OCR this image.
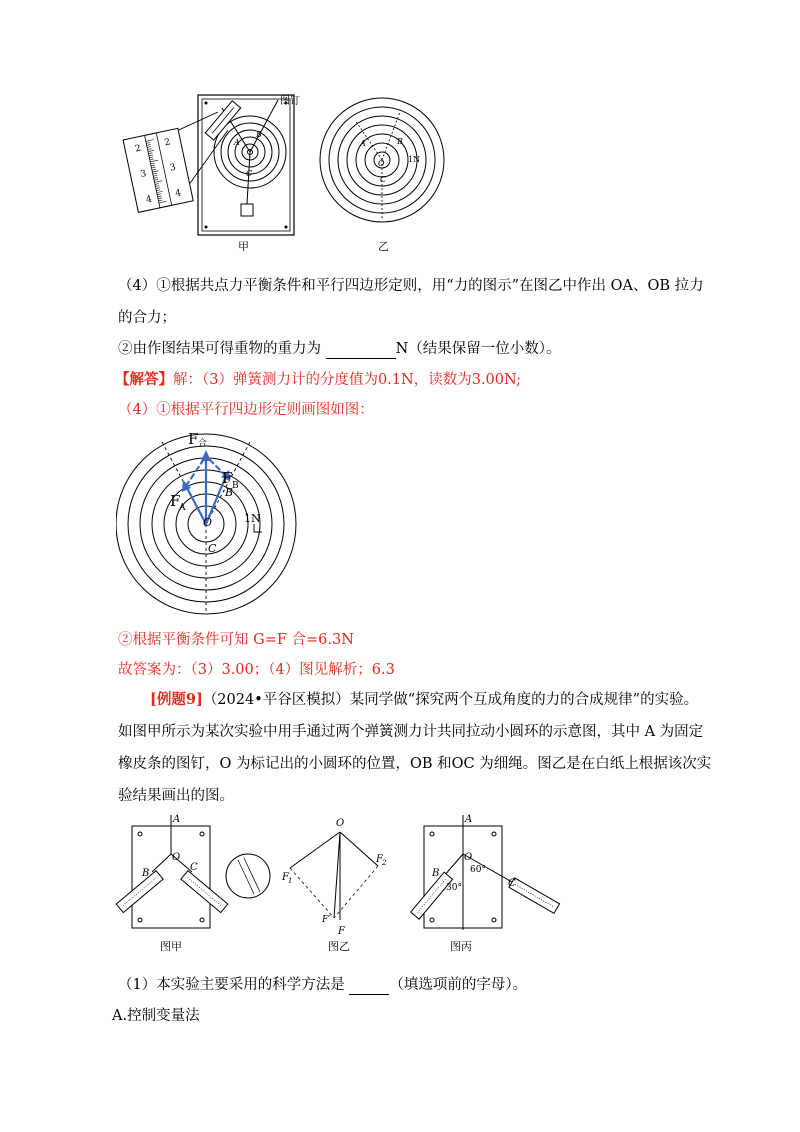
图钉
A
B
C
2
3
4
2
3
4
A	B
O
C
1N
甲	乙
（4）①根据共点力平衡条件和平行四边形定则，用“力的图示”在图乙中作出 OA、OB 拉力
的合力；
②由作图结果可得重物的重力为	N（结果保留一位小数）。
【解答】解：（3）弹簧测力计的分度值为0.1N，读数为3.00N;
（4）①根据平行四边形定则画图如图：
F 合
F
A
F B
B
O
C
1N
②根据平衡条件可知 G=F 合=6.3N
故答案为：（3）3.00；（4）图见解析；6.3
[例题9]（2024•平谷区模拟）某同学做“探究两个互成角度的力的合成规律”的实验。
如图甲所示为某次实验中用手通过两个弹簧测力计共同拉动小圆环的示意图，其中 A 为固定
橡皮条的图钉，O 为标记出的小圆环的位置，OB 和OC 为细绳。图乙是在白纸上根据该次实
验结果画出的图。
A
O
B
C
O
F 1
F 2
F′
F
A
O
B
C
30°
60°
图甲	图乙	图丙
（1）本实验主要采用的科学方法是	（填选项前的字母）。
A.控制变量法
